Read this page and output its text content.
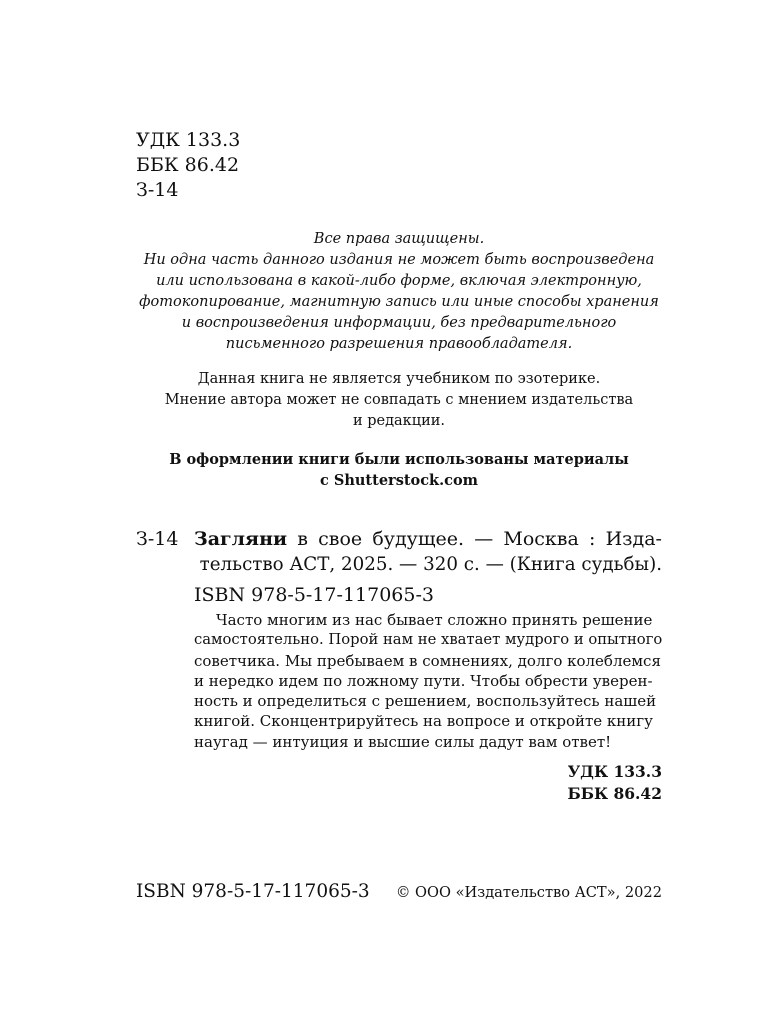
УДК 133.3
ББК 86.42
З-14
Все права защищены.
Ни одна часть данного издания не может быть воспроизведена
или использована в какой-либо форме, включая электронную,
фотокопирование, магнитную запись или иные способы хранения
и воспроизведения информации, без предварительного
письменного разрешения правообладателя.
Данная книга не является учебником по эзотерике.
Мнение автора может не совпадать с мнением издательства
и редакции.
В оформлении книги были использованы материалы
с Shutterstock.com
З-14 Загляни в свое будущее. — Москва : Изда-
тельство АСТ, 2025. — 320 с. — (Книга судьбы).
ISBN 978-5-17-117065-3
Часто многим из нас бывает сложно принять решение
самостоятельно. Порой нам не хватает мудрого и опытного
советчика. Мы пребываем в сомнениях, долго колеблемся
и нередко идем по ложному пути. Чтобы обрести уверен-
ность и определиться с решением, воспользуйтесь нашей
книгой. Сконцентрируйтесь на вопросе и откройте книгу
наугад — интуиция и высшие силы дадут вам ответ!
УДК 133.3
ББК 86.42
ISBN 978-5-17-117065-3 © ООО «Издательство АСТ», 2022
